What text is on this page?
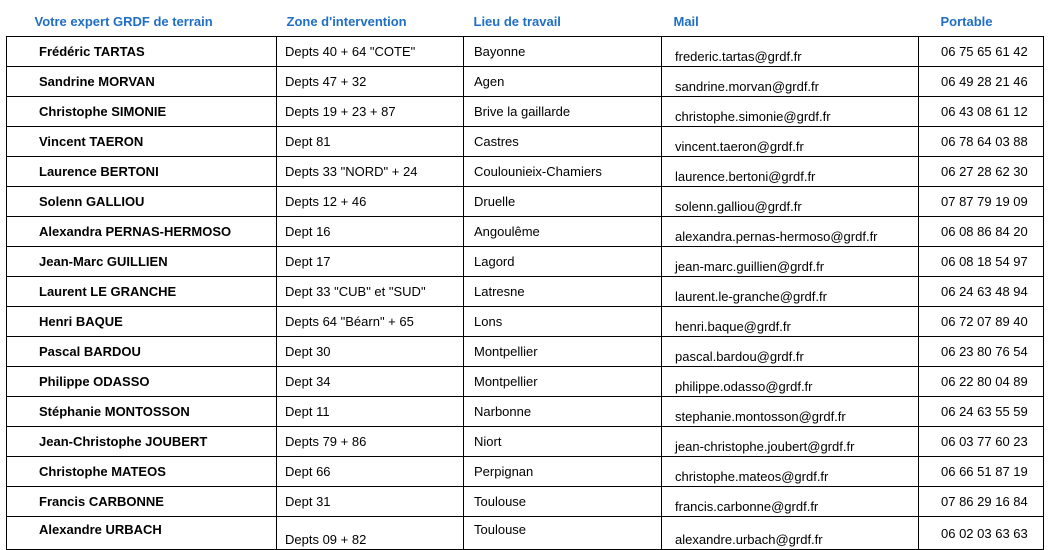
Votre expert GRDF de terrain	Zone d'intervention	Lieu de travail	Mail	Portable
Frédéric TARTAS	Depts 40 + 64 "COTE"	Bayonne	frederic.tartas@grdf.fr	06 75 65 61 42
Sandrine MORVAN	Depts 47 + 32	Agen	sandrine.morvan@grdf.fr	06 49 28 21 46
Christophe SIMONIE	Depts 19 + 23 + 87	Brive la gaillarde	christophe.simonie@grdf.fr	06 43 08 61 12
Vincent TAERON	Dept 81	Castres	vincent.taeron@grdf.fr	06 78 64 03 88
Laurence BERTONI	Depts 33 "NORD" + 24	Coulounieix-Chamiers	laurence.bertoni@grdf.fr	06 27 28 62 30
Solenn GALLIOU	Depts 12 + 46	Druelle	solenn.galliou@grdf.fr	07 87 79 19 09
Alexandra PERNAS-HERMOSO	Dept 16	Angoulême	alexandra.pernas-hermoso@grdf.fr	06 08 86 84 20
Jean-Marc GUILLIEN	Dept 17	Lagord	jean-marc.guillien@grdf.fr	06 08 18 54 97
Laurent LE GRANCHE	Dept 33 "CUB" et "SUD"	Latresne	laurent.le-granche@grdf.fr	06 24 63 48 94
Henri BAQUE	Depts 64 "Béarn" + 65	Lons	henri.baque@grdf.fr	06 72 07 89 40
Pascal BARDOU	Dept 30	Montpellier	pascal.bardou@grdf.fr	06 23 80 76 54
Philippe ODASSO	Dept 34	Montpellier	philippe.odasso@grdf.fr	06 22 80 04 89
Stéphanie MONTOSSON	Dept 11	Narbonne	stephanie.montosson@grdf.fr	06 24 63 55 59
Jean-Christophe JOUBERT	Depts 79 + 86	Niort	jean-christophe.joubert@grdf.fr	06 03 77 60 23
Christophe MATEOS	Dept 66	Perpignan	christophe.mateos@grdf.fr	06 66 51 87 19
Francis CARBONNE	Dept 31	Toulouse	francis.carbonne@grdf.fr	07 86 29 16 84
Alexandre URBACH	Depts 09 + 82	Toulouse	alexandre.urbach@grdf.fr	06 02 03 63 63
